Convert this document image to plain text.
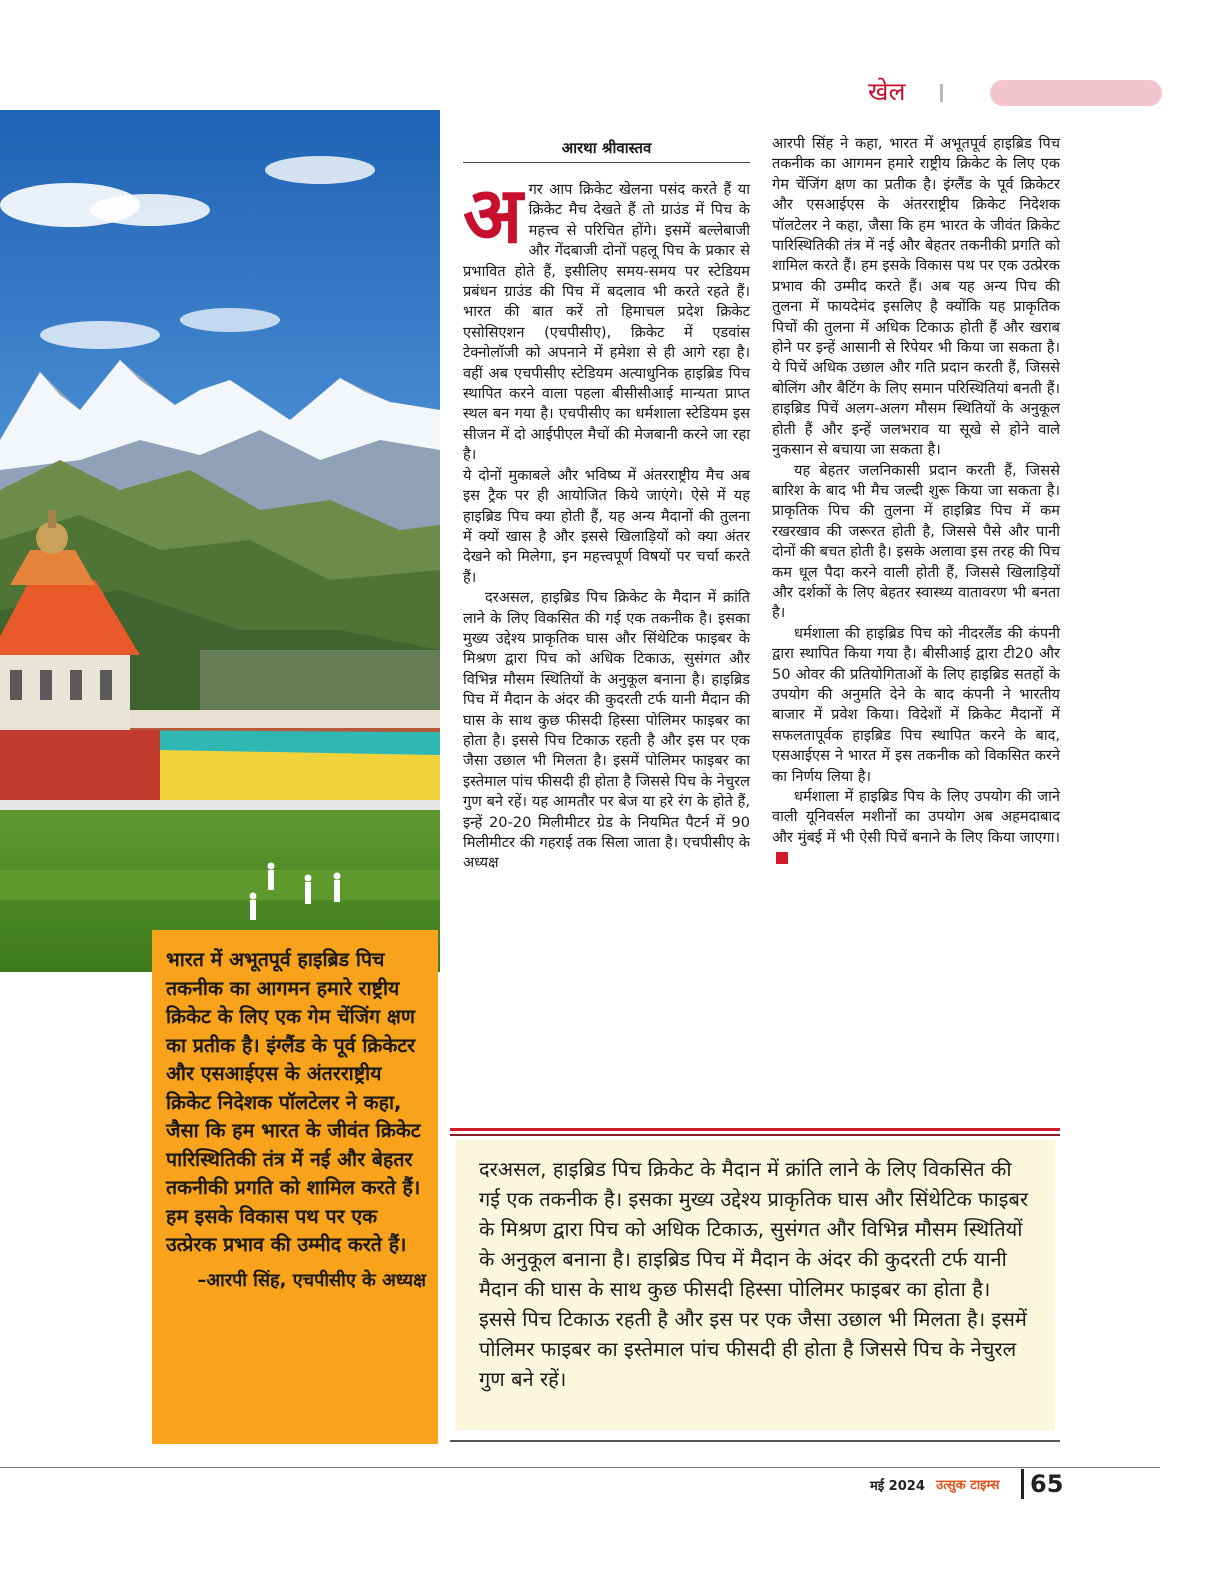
खेल
आरथा श्रीवास्तव
अ गर आप क्रिकेट खेलना पसंद करते हैं या क्रिकेट मैच देखते हैं तो ग्राउंड में पिच के महत्त्व से परिचित होंगे। इसमें बल्लेबाजी और गेंदबाजी दोनों पहलू पिच के प्रकार से प्रभावित होते हैं, इसीलिए समय-समय पर स्टेडियम प्रबंधन ग्राउंड की पिच में बदलाव भी करते रहते हैं। भारत की बात करें तो हिमाचल प्रदेश क्रिकेट एसोसिएशन (एचपीसीए), क्रिकेट में एडवांस टेक्नोलॉजी को अपनाने में हमेशा से ही आगे रहा है। वहीं अब एचपीसीए स्टेडियम अत्याधुनिक हाइब्रिड पिच स्थापित करने वाला पहला बीसीसीआई मान्यता प्राप्त स्थल बन गया है। एचपीसीए का धर्मशाला स्टेडियम इस सीजन में दो आईपीएल मैचों की मेजबानी करने जा रहा है।

ये दोनों मुकाबले और भविष्य में अंतरराष्ट्रीय मैच अब इस ट्रैक पर ही आयोजित किये जाएंगे। ऐसे में यह हाइब्रिड पिच क्या होती हैं, यह अन्य मैदानों की तुलना में क्यों खास है और इससे खिलाड़ियों को क्या अंतर देखने को मिलेगा, इन महत्त्वपूर्ण विषयों पर चर्चा करते हैं।

दरअसल, हाइब्रिड पिच क्रिकेट के मैदान में क्रांति लाने के लिए विकसित की गई एक तकनीक है। इसका मुख्य उद्देश्य प्राकृतिक घास और सिंथेटिक फाइबर के मिश्रण द्वारा पिच को अधिक टिकाऊ, सुसंगत और विभिन्न मौसम स्थितियों के अनुकूल बनाना है। हाइब्रिड पिच में मैदान के अंदर की कुदरती टर्फ यानी मैदान की घास के साथ कुछ फीसदी हिस्सा पोलिमर फाइबर का होता है। इससे पिच टिकाऊ रहती है और इस पर एक जैसा उछाल भी मिलता है। इसमें पोलिमर फाइबर का इस्तेमाल पांच फीसदी ही होता है जिससे पिच के नेचुरल गुण बने रहें। यह आमतौर पर बेज या हरे रंग के होते हैं, इन्हें 20-20 मिलीमीटर ग्रेड के नियमित पैटर्न में 90 मिलीमीटर की गहराई तक सिला जाता है। एचपीसीए के अध्यक्ष

आरपी सिंह ने कहा, भारत में अभूतपूर्व हाइब्रिड पिच तकनीक का आगमन हमारे राष्ट्रीय क्रिकेट के लिए एक गेम चेंजिंग क्षण का प्रतीक है। इंग्लैंड के पूर्व क्रिकेटर और एसआईएस के अंतरराष्ट्रीय क्रिकेट निदेशक पॉलटेलर ने कहा, जैसा कि हम भारत के जीवंत क्रिकेट पारिस्थितिकी तंत्र में नई और बेहतर तकनीकी प्रगति को शामिल करते हैं। हम इसके विकास पथ पर एक उत्प्रेरक प्रभाव की उम्मीद करते हैं। अब यह अन्य पिच की तुलना में फायदेमंद इसलिए है क्योंकि यह प्राकृतिक पिचों की तुलना में अधिक टिकाऊ होती हैं और खराब होने पर इन्हें आसानी से रिपेयर भी किया जा सकता है। ये पिचें अधिक उछाल और गति प्रदान करती हैं, जिससे बोलिंग और बैटिंग के लिए समान परिस्थितियां बनती हैं। हाइब्रिड पिचें अलग-अलग मौसम स्थितियों के अनुकूल होती हैं और इन्हें जलभराव या सूखे से होने वाले नुकसान से बचाया जा सकता है।

यह बेहतर जलनिकासी प्रदान करती हैं, जिससे बारिश के बाद भी मैच जल्दी शुरू किया जा सकता है। प्राकृतिक पिच की तुलना में हाइब्रिड पिच में कम रखरखाव की जरूरत होती है, जिससे पैसे और पानी दोनों की बचत होती है। इसके अलावा इस तरह की पिच कम धूल पैदा करने वाली होती हैं, जिससे खिलाड़ियों और दर्शकों के लिए बेहतर स्वास्थ्य वातावरण भी बनता है।

धर्मशाला की हाइब्रिड पिच को नीदरलैंड की कंपनी द्वारा स्थापित किया गया है। बीसीआई द्वारा टी20 और 50 ओवर की प्रतियोगिताओं के लिए हाइब्रिड सतहों के उपयोग की अनुमति देने के बाद कंपनी ने भारतीय बाजार में प्रवेश किया। विदेशों में क्रिकेट मैदानों में सफलतापूर्वक हाइब्रिड पिच स्थापित करने के बाद, एसआईएस ने भारत में इस तकनीक को विकसित करने का निर्णय लिया है।

धर्मशाला में हाइब्रिड पिच के लिए उपयोग की जाने वाली यूनिवर्सल मशीनों का उपयोग अब अहमदाबाद और मुंबई में भी ऐसी पिचें बनाने के लिए किया जाएगा।

भारत में अभूतपूर्व हाइब्रिड पिच तकनीक का आगमन हमारे राष्ट्रीय क्रिकेट के लिए एक गेम चेंजिंग क्षण का प्रतीक है। इंग्लैंड के पूर्व क्रिकेटर और एसआईएस के अंतरराष्ट्रीय क्रिकेट निदेशक पॉलटेलर ने कहा, जैसा कि हम भारत के जीवंत क्रिकेट पारिस्थितिकी तंत्र में नई और बेहतर तकनीकी प्रगति को शामिल करते हैं। हम इसके विकास पथ पर एक उत्प्रेरक प्रभाव की उम्मीद करते हैं।
–आरपी सिंह, एचपीसीए के अध्यक्ष
दरअसल, हाइब्रिड पिच क्रिकेट के मैदान में क्रांति लाने के लिए विकसित की गई एक तकनीक है। इसका मुख्य उद्देश्य प्राकृतिक घास और सिंथेटिक फाइबर के मिश्रण द्वारा पिच को अधिक टिकाऊ, सुसंगत और विभिन्न मौसम स्थितियों के अनुकूल बनाना है। हाइब्रिड पिच में मैदान के अंदर की कुदरती टर्फ यानी मैदान की घास के साथ कुछ फीसदी हिस्सा पोलिमर फाइबर का होता है। इससे पिच टिकाऊ रहती है और इस पर एक जैसा उछाल भी मिलता है। इसमें पोलिमर फाइबर का इस्तेमाल पांच फीसदी ही होता है जिससे पिच के नेचुरल गुण बने रहें।
मई 2024 उत्सुक टाइम्स 65
